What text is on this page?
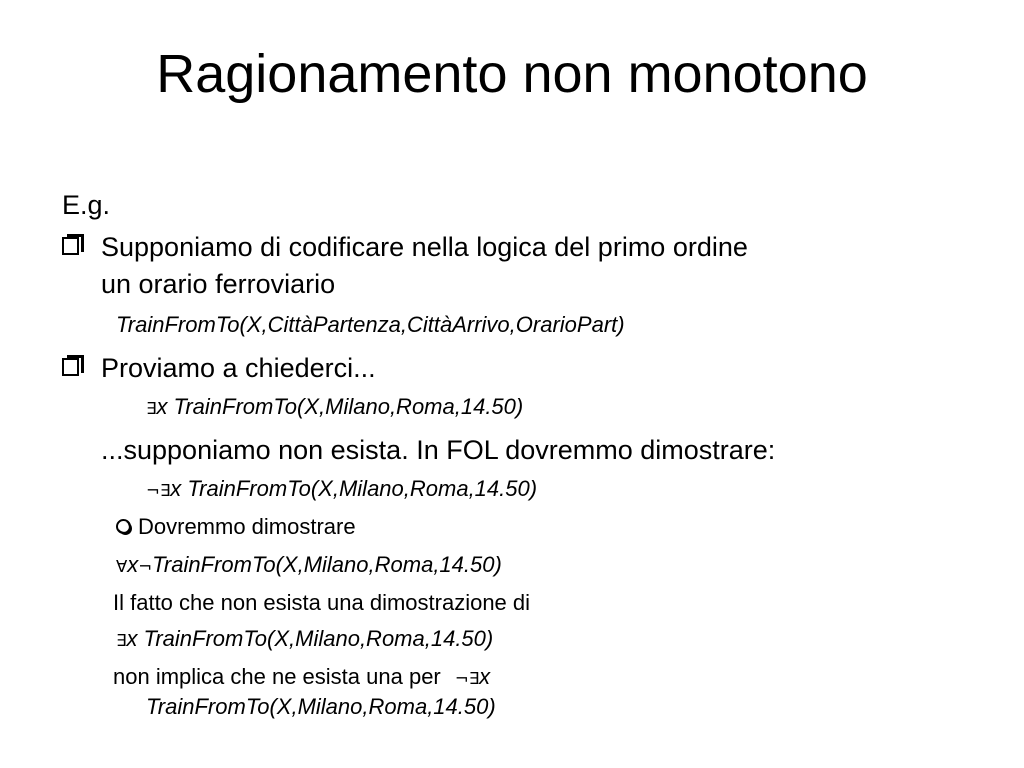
Ragionamento non monotono
E.g.
Supponiamo di codificare nella logica del primo ordine
un orario ferroviario
TrainFromTo(X,CittàPartenza,CittàArrivo,OrarioPart)
Proviamo a chiederci...
∃x TrainFromTo(X,Milano,Roma,14.50)
...supponiamo non esista. In FOL dovremmo dimostrare:
¬∃x TrainFromTo(X,Milano,Roma,14.50)
Dovremmo dimostrare
∀x¬TrainFromTo(X,Milano,Roma,14.50)
Il fatto che non esista una dimostrazione di
∃x TrainFromTo(X,Milano,Roma,14.50)
non implica che ne esista una per ¬∃x
TrainFromTo(X,Milano,Roma,14.50)
